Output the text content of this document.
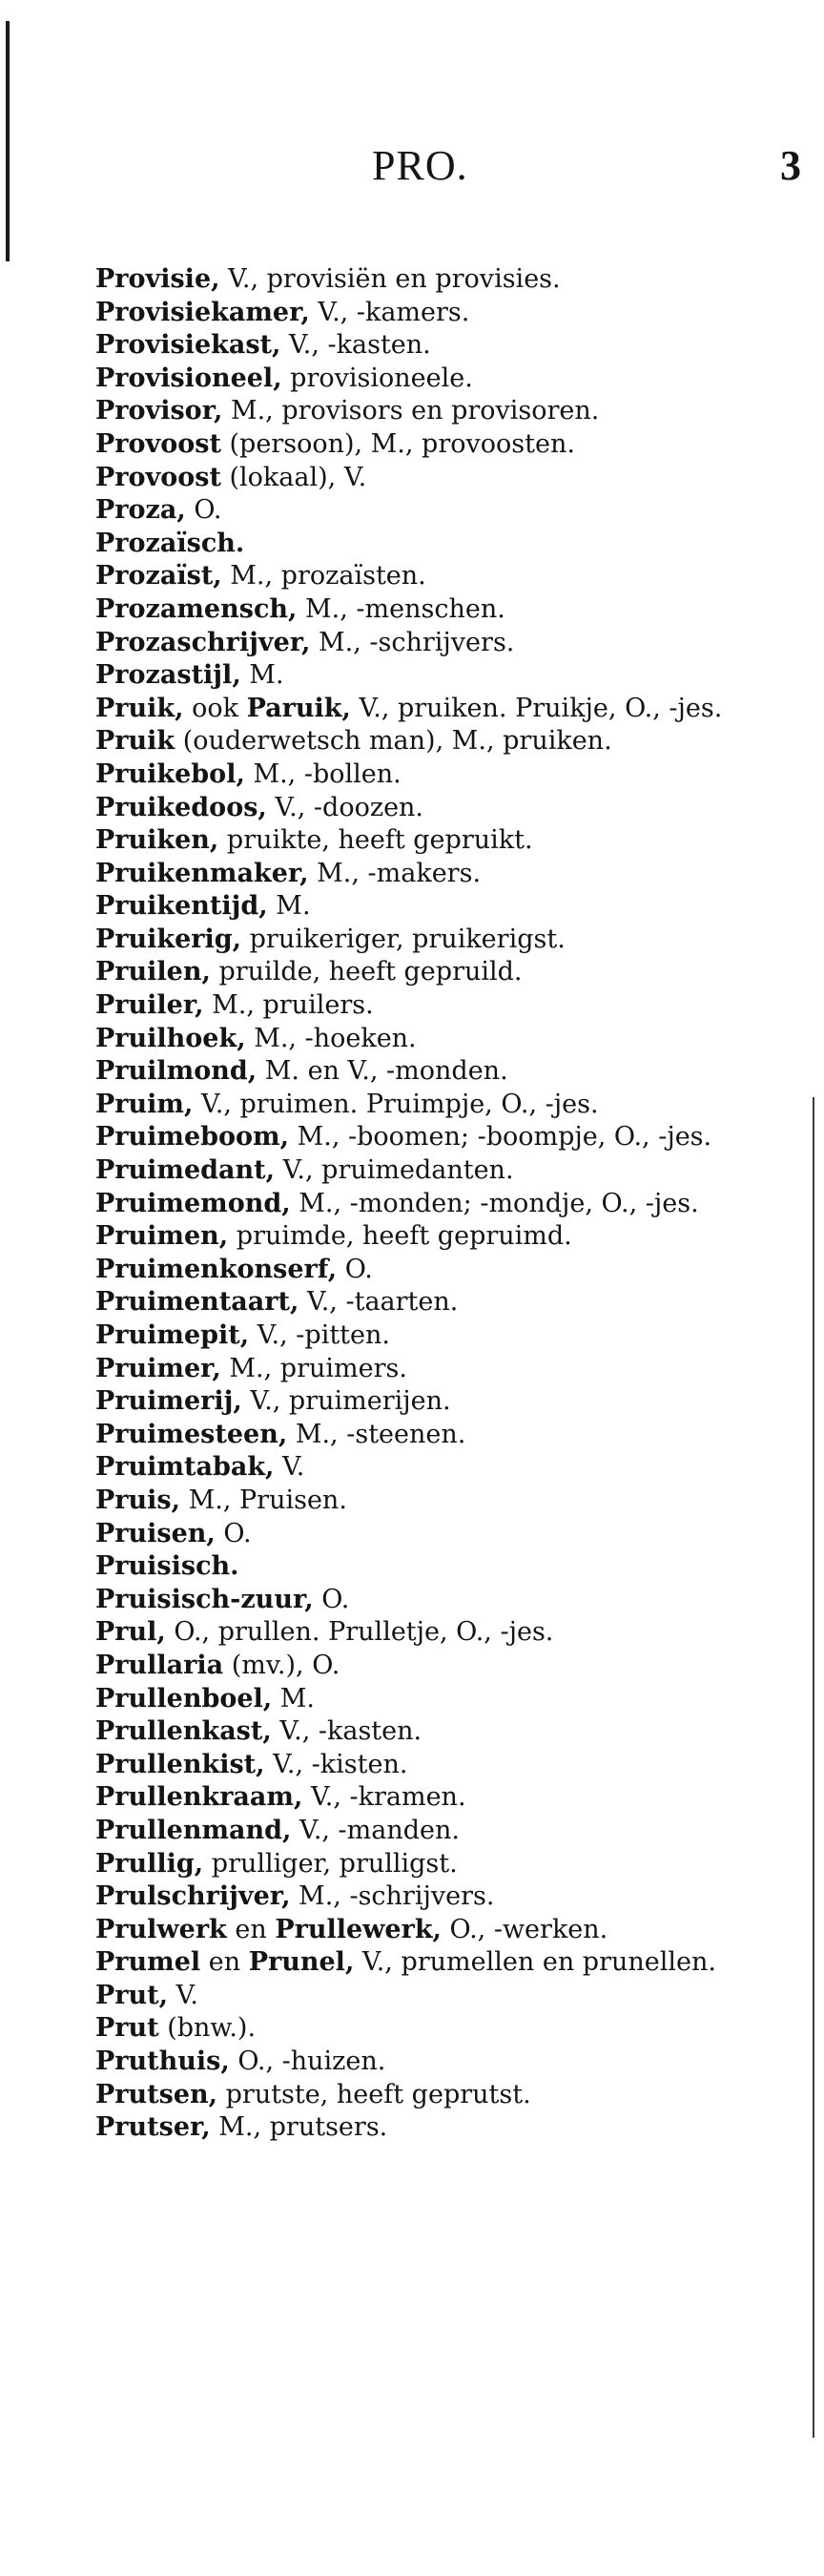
PRO.	3
Provisie, V., provisiën en provisies.
Provisiekamer, V., -kamers.
Provisiekast, V., -kasten.
Provisioneel, provisioneele.
Provisor, M., provisors en provisoren.
Provoost (persoon), M., provoosten.
Provoost (lokaal), V.
Proza, O.
Prozaïsch.
Prozaïst, M., prozaïsten.
Prozamensch, M., -menschen.
Prozaschrijver, M., -schrijvers.
Prozastijl, M.
Pruik, ook Paruik, V., pruiken. Pruikje, O., -jes.
Pruik (ouderwetsch man), M., pruiken.
Pruikebol, M., -bollen.
Pruikedoos, V., -doozen.
Pruiken, pruikte, heeft gepruikt.
Pruikenmaker, M., -makers.
Pruikentijd, M.
Pruikerig, pruikeriger, pruikerigst.
Pruilen, pruilde, heeft gepruild.
Pruiler, M., pruilers.
Pruilhoek, M., -hoeken.
Pruilmond, M. en V., -monden.
Pruim, V., pruimen. Pruimpje, O., -jes.
Pruimeboom, M., -boomen; -boompje, O., -jes.
Pruimedant, V., pruimedanten.
Pruimemond, M., -monden; -mondje, O., -jes.
Pruimen, pruimde, heeft gepruimd.
Pruimenkonserf, O.
Pruimentaart, V., -taarten.
Pruimepit, V., -pitten.
Pruimer, M., pruimers.
Pruimerij, V., pruimerijen.
Pruimesteen, M., -steenen.
Pruimtabak, V.
Pruis, M., Pruisen.
Pruisen, O.
Pruisisch.
Pruisisch-zuur, O.
Prul, O., prullen. Prulletje, O., -jes.
Prullaria (mv.), O.
Prullenboel, M.
Prullenkast, V., -kasten.
Prullenkist, V., -kisten.
Prullenkraam, V., -kramen.
Prullenmand, V., -manden.
Prullig, prulliger, prulligst.
Prulschrijver, M., -schrijvers.
Prulwerk en Prullewerk, O., -werken.
Prumel en Prunel, V., prumellen en prunellen.
Prut, V.
Prut (bnw.).
Pruthuis, O., -huizen.
Prutsen, prutste, heeft geprutst.
Prutser, M., prutsers.
